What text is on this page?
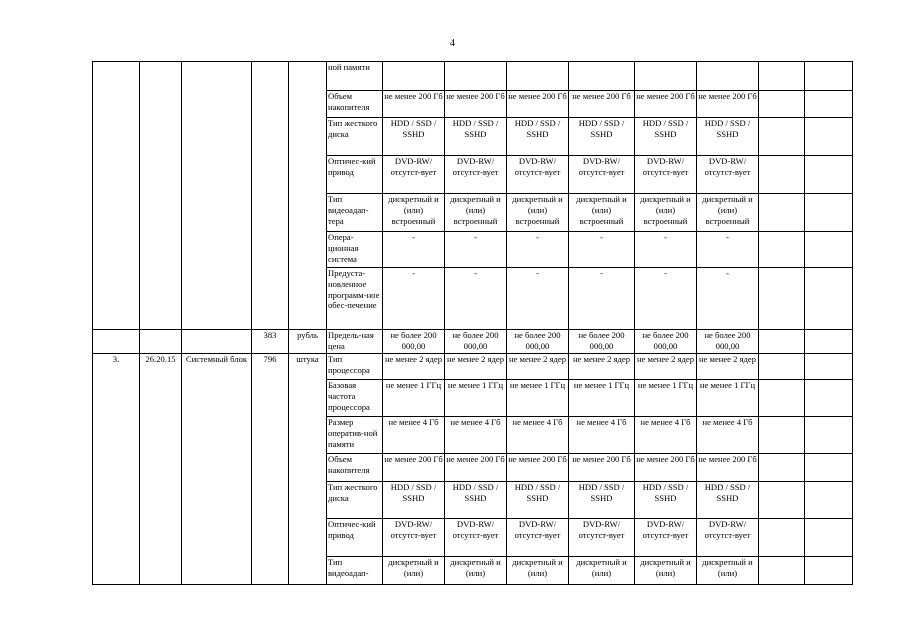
4
					ной памяти								
					Объем накопителя	не менее 200 Гб	не менее 200 Гб	не менее 200 Гб	не менее 200 Гб	не менее 200 Гб	не менее 200 Гб		
					Тип жесткого диска	HDD / SSD / SSHD	HDD / SSD / SSHD	HDD / SSD / SSHD	HDD / SSD / SSHD	HDD / SSD / SSHD	HDD / SSD / SSHD		
					Оптичес-кий привод	DVD-RW/отсутст-вует	DVD-RW/отсутст-вует	DVD-RW/отсутст-вует	DVD-RW/отсутст-вует	DVD-RW/отсутст-вует	DVD-RW/отсутст-вует		
					Тип видеоадап-тера	дискретный и (или) встроенный	дискретный и (или) встроенный	дискретный и (или) встроенный	дискретный и (или) встроенный	дискретный и (или) встроенный	дискретный и (или) встроенный		
					Опера-ционная система	-	-	-	-	-	-		
					Предуста-новленное программ-ное обес-печение	-	-	-	-	-	-		
			383	рубль	Предель-ная цена	не более 200 000,00	не более 200 000,00	не более 200 000,00	не более 200 000,00	не более 200 000,00	не более 200 000,00		
3.	26.20.15	Системный блок	796	штука	Тип процессора	не менее 2 ядер	не менее 2 ядер	не менее 2 ядер	не менее 2 ядер	не менее 2 ядер	не менее 2 ядер		
					Базовая частота процессора	не менее 1 ГГц	не менее 1 ГГц	не менее 1 ГГц	не менее 1 ГГц	не менее 1 ГГц	не менее 1 ГГц		
					Размер оператив-ной памяти	не менее 4 Гб	не менее 4 Гб	не менее 4 Гб	не менее 4 Гб	не менее 4 Гб	не менее 4 Гб		
					Объем накопителя	не менее 200 Гб	не менее 200 Гб	не менее 200 Гб	не менее 200 Гб	не менее 200 Гб	не менее 200 Гб		
					Тип жесткого диска	HDD / SSD / SSHD	HDD / SSD / SSHD	HDD / SSD / SSHD	HDD / SSD / SSHD	HDD / SSD / SSHD	HDD / SSD / SSHD		
					Оптичес-кий привод	DVD-RW/отсутст-вует	DVD-RW/отсутст-вует	DVD-RW/отсутст-вует	DVD-RW/отсутст-вует	DVD-RW/отсутст-вует	DVD-RW/отсутст-вует		
					Тип видеоадап-	дискретный и (или)	дискретный и (или)	дискретный и (или)	дискретный и (или)	дискретный и (или)	дискретный и (или)		
